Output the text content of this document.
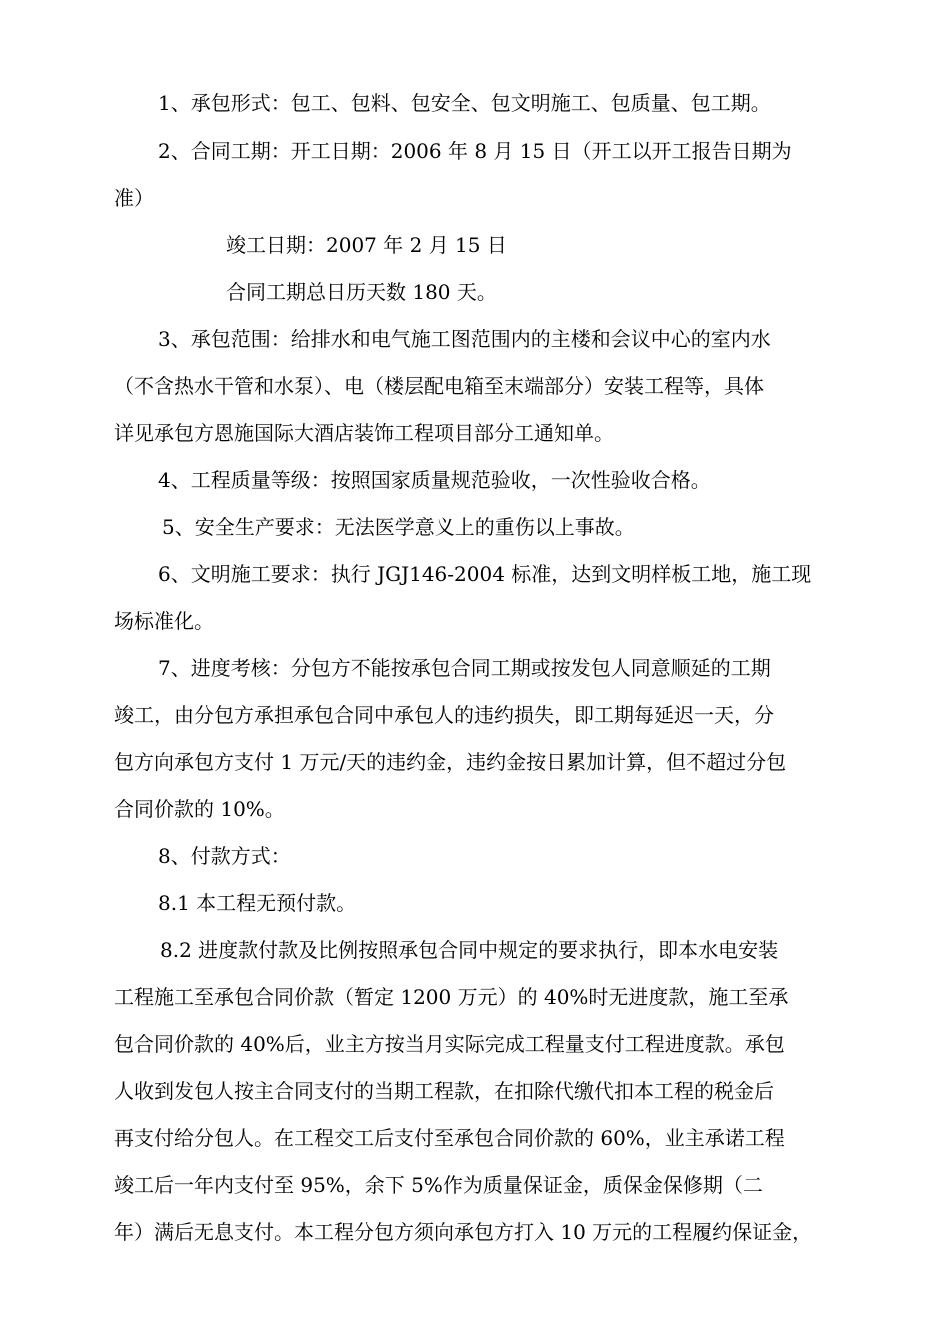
1、承包形式：包工、包料、包安全、包文明施工、包质量、包工期。
2、合同工期：开工日期：2006 年 8 月 15 日（开工以开工报告日期为
准）
竣工日期：2007 年 2 月 15 日
合同工期总日历天数 180 天。
3、承包范围：给排水和电气施工图范围内的主楼和会议中心的室内水
（不含热水干管和水泵）、电（楼层配电箱至末端部分）安装工程等，具体
详见承包方恩施国际大酒店装饰工程项目部分工通知单。
4、工程质量等级：按照国家质量规范验收，一次性验收合格。
5、安全生产要求：无法医学意义上的重伤以上事故。
6、文明施工要求：执行 JGJ146-2004 标准，达到文明样板工地，施工现
场标准化。
7、进度考核：分包方不能按承包合同工期或按发包人同意顺延的工期
竣工，由分包方承担承包合同中承包人的违约损失，即工期每延迟一天，分
包方向承包方支付 1 万元/天的违约金，违约金按日累加计算，但不超过分包
合同价款的 10%。
8、付款方式：
8.1 本工程无预付款。
8.2 进度款付款及比例按照承包合同中规定的要求执行，即本水电安装
工程施工至承包合同价款（暂定 1200 万元）的 40%时无进度款，施工至承
包合同价款的 40%后，业主方按当月实际完成工程量支付工程进度款。承包
人收到发包人按主合同支付的当期工程款，在扣除代缴代扣本工程的税金后
再支付给分包人。在工程交工后支付至承包合同价款的 60%，业主承诺工程
竣工后一年内支付至 95%，余下 5%作为质量保证金，质保金保修期（二
年）满后无息支付。本工程分包方须向承包方打入 10 万元的工程履约保证金，
